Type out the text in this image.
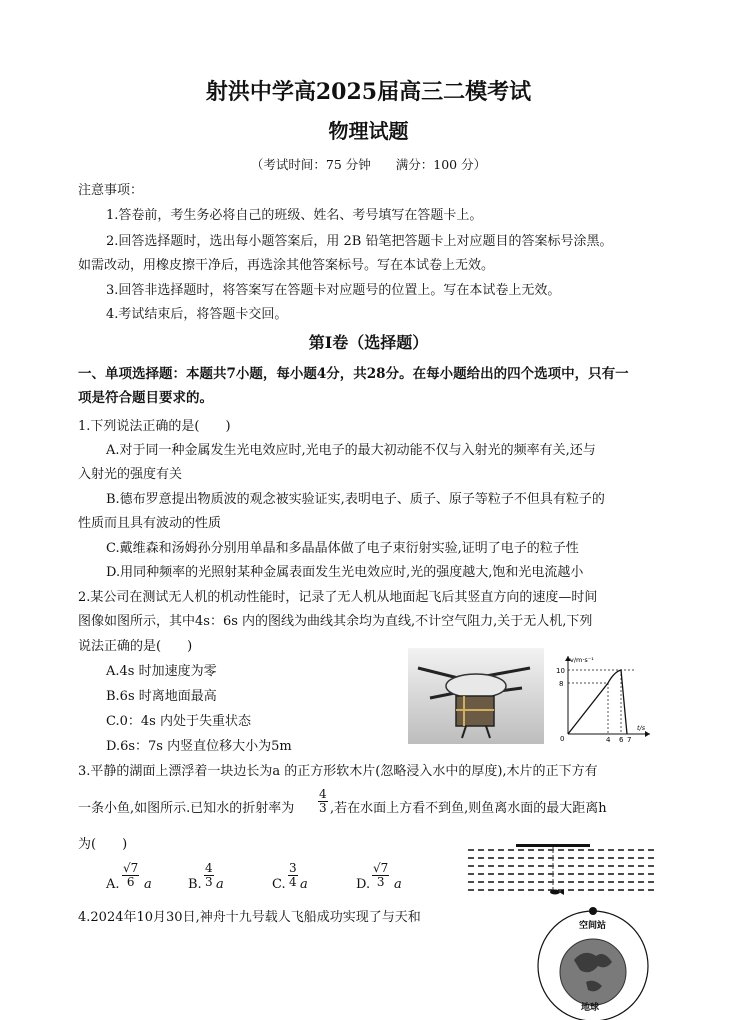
射洪中学高2025届高三二模考试
物理试题
（考试时间：75 分钟　　满分：100 分）
注意事项：
1.答卷前，考生务必将自己的班级、姓名、考号填写在答题卡上。
2.回答选择题时，选出每小题答案后，用 2B 铅笔把答题卡上对应题目的答案标号涂黑。
如需改动，用橡皮擦干净后，再选涂其他答案标号。写在本试卷上无效。
3.回答非选择题时，将答案写在答题卡对应题号的位置上。写在本试卷上无效。
4.考试结束后，将答题卡交回。
第I卷（选择题）
一、单项选择题：本题共7小题，每小题4分，共28分。在每小题给出的四个选项中，只有一
项是符合题目要求的。
1.下列说法正确的是(　　)
A.对于同一种金属发生光电效应时,光电子的最大初动能不仅与入射光的频率有关,还与
入射光的强度有关
B.德布罗意提出物质波的观念被实验证实,表明电子、质子、原子等粒子不但具有粒子的
性质而且具有波动的性质
C.戴维森和汤姆孙分别用单晶和多晶晶体做了电子束衍射实验,证明了电子的粒子性
D.用同种频率的光照射某种金属表面发生光电效应时,光的强度越大,饱和光电流越小
2.某公司在测试无人机的机动性能时，记录了无人机从地面起飞后其竖直方向的速度—时间
图像如图所示，其中4s：6s 内的图线为曲线其余均为直线,不计空气阻力,关于无人机,下列
说法正确的是(　　)
A.4s 时加速度为零
B.6s 时离地面最高
C.0：4s 内处于失重状态
D.6s：7s 内竖直位移大小为5m
v/m·s⁻¹
t/s
10
8
0	4 6 7
3.平静的湖面上漂浮着一块边长为a 的正方形软木片(忽略浸入水中的厚度),木片的正下方有
一条小鱼,如图所示.已知水的折射率为 $\frac{4}{3}$ ,若在水面上方看不到鱼,则鱼离水面的最大距离h
为(　　)
A. $\frac{√7}{6}$ a	B. $\frac{4}{3}$ a	C. $\frac{3}{4}$ a	D. $\frac{√7}{3}$ a
4.2024年10月30日,神舟十九号载人飞船成功实现了与天和
空间站
地球
